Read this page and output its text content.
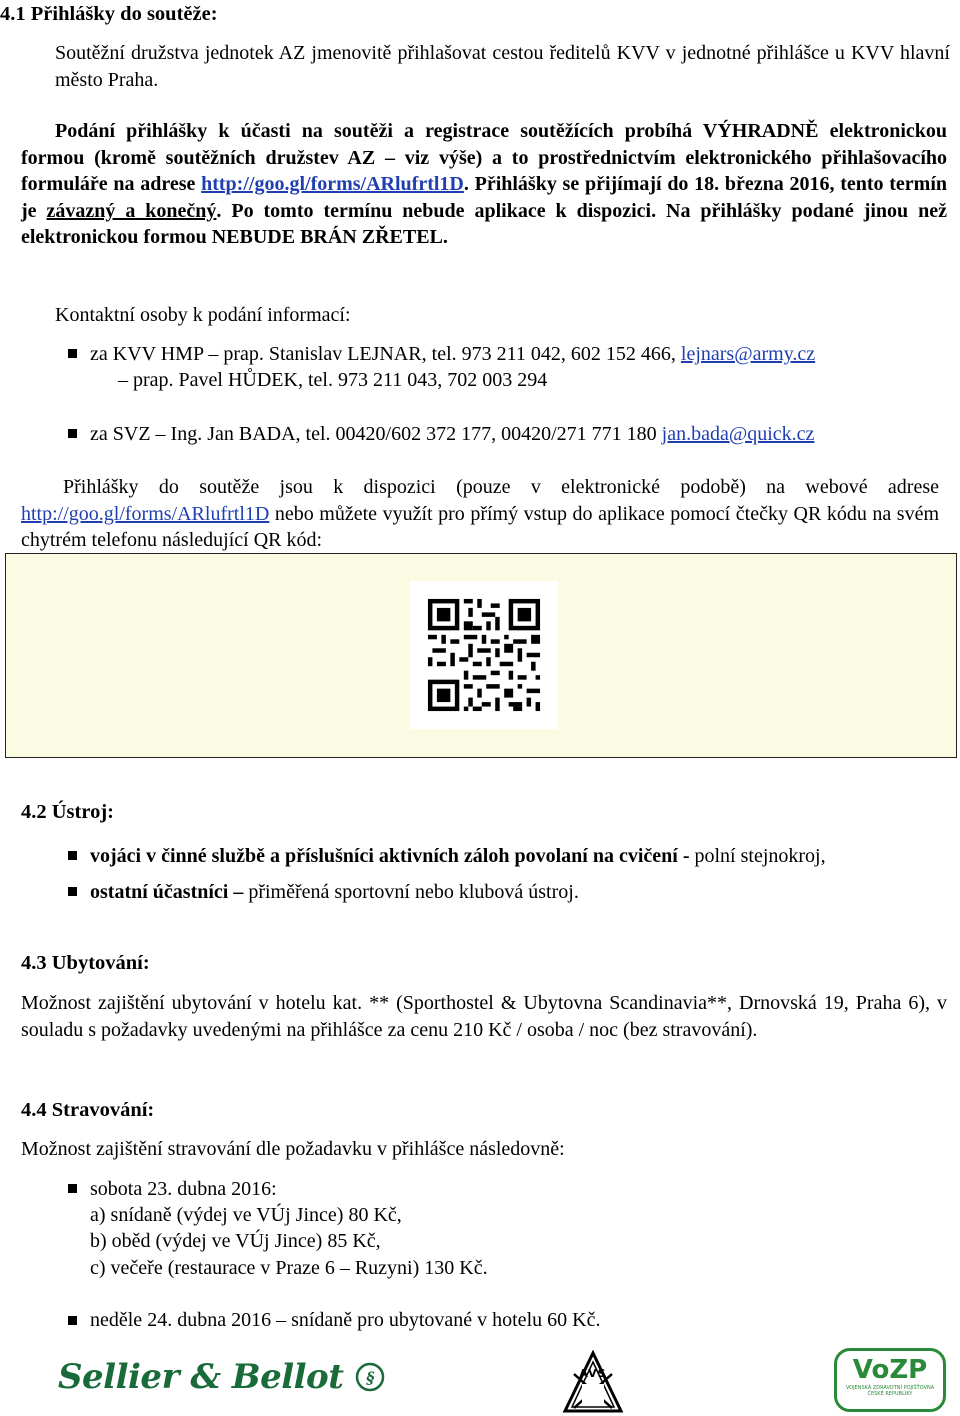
4.1 Přihlášky do soutěže:
Soutěžní družstva jednotek AZ jmenovitě přihlašovat cestou ředitelů KVV v jednotné přihlášce u KVV hlavní město Praha.
Podání přihlášky k účasti na soutěži a registrace soutěžících probíhá VÝHRADNĚ elektronickou formou (kromě soutěžních družstev AZ – viz výše) a to prostřednictvím elektronického přihlašovacího formuláře na adrese http://goo.gl/forms/ARlufrtl1D. Přihlášky se přijímají do 18. března 2016, tento termín je závazný a konečný. Po tomto termínu nebude aplikace k dispozici. Na přihlášky podané jinou než elektronickou formou NEBUDE BRÁN ZŘETEL.
Kontaktní osoby k podání informací:
za KVV HMP – prap. Stanislav LEJNAR, tel. 973 211 042, 602 152 466, lejnars@army.cz
– prap. Pavel HŮDEK, tel. 973 211 043, 702 003 294
za SVZ – Ing. Jan BADA, tel. 00420/602 372 177, 00420/271 771 180 jan.bada@quick.cz
Přihlášky do soutěže jsou k dispozici (pouze v elektronické podobě) na webové adrese http://goo.gl/forms/ARlufrtl1D nebo můžete využít pro přímý vstup do aplikace pomocí čtečky QR kódu na svém chytrém telefonu následující QR kód:
4.2 Ústroj:
vojáci v činné službě a příslušníci aktivních záloh povolaní na cvičení - polní stejnokroj,
ostatní účastníci – přiměřená sportovní nebo klubová ústroj.
4.3 Ubytování:
Možnost zajištění ubytování v hotelu kat. ** (Sporthostel & Ubytovna Scandinavia**, Drnovská 19, Praha 6), v souladu s požadavky uvedenými na přihlášce za cenu 210 Kč / osoba / noc (bez stravování).
4.4 Stravování:
Možnost zajištění stravování dle požadavku v přihlášce následovně:
sobota 23. dubna 2016:
a) snídaně (výdej ve VÚj Jince) 80 Kč,
b) oběd (výdej ve VÚj Jince) 85 Kč,
c) večeře (restaurace v Praze 6 – Ruzyni) 130 Kč.
neděle 24. dubna 2016 – snídaně pro ubytované v hotelu 60 Kč.
Sellier & Bellot §	AVS	VoZP
VOJENSKÁ ZDRAVOTNÍ POJIŠŤOVNA ČESKÉ REPUBLIKY
